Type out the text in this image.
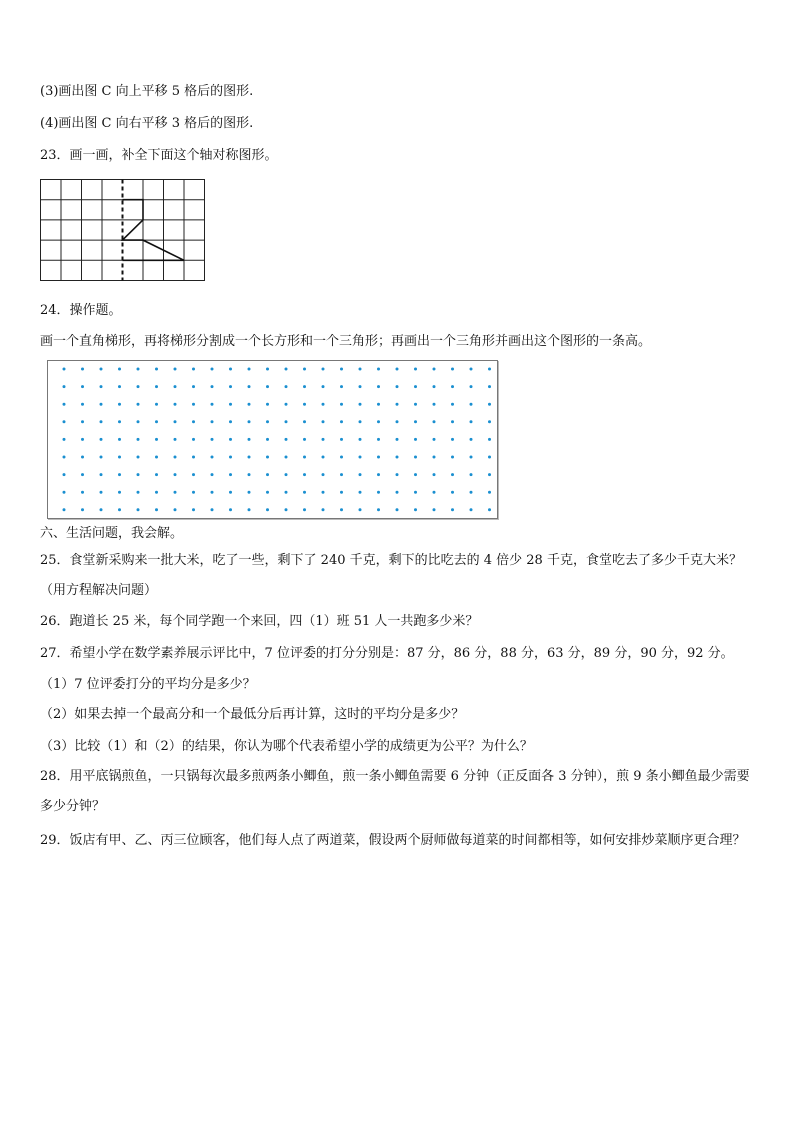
(3)画出图 C 向上平移 5 格后的图形.
(4)画出图 C 向右平移 3 格后的图形.
23．画一画，补全下面这个轴对称图形。
24．操作题。
画一个直角梯形，再将梯形分割成一个长方形和一个三角形；再画出一个三角形并画出这个图形的一条高。
六、生活问题，我会解。
25．食堂新采购来一批大米，吃了一些，剩下了 240 千克，剩下的比吃去的 4 倍少 28 千克，食堂吃去了多少千克大米？
（用方程解决问题）
26．跑道长 25 米，每个同学跑一个来回，四（1）班 51 人一共跑多少米？
27．希望小学在数学素养展示评比中，7 位评委的打分分别是：87 分，86 分，88 分，63 分，89 分，90 分，92 分。
（1）7 位评委打分的平均分是多少？
（2）如果去掉一个最高分和一个最低分后再计算，这时的平均分是多少？
（3）比较（1）和（2）的结果，你认为哪个代表希望小学的成绩更为公平？为什么？
28．用平底锅煎鱼，一只锅每次最多煎两条小鲫鱼，煎一条小鲫鱼需要 6 分钟（正反面各 3 分钟），煎 9 条小鲫鱼最少需要多少分钟？
29．饭店有甲、乙、丙三位顾客，他们每人点了两道菜，假设两个厨师做每道菜的时间都相等，如何安排炒菜顺序更合理？
